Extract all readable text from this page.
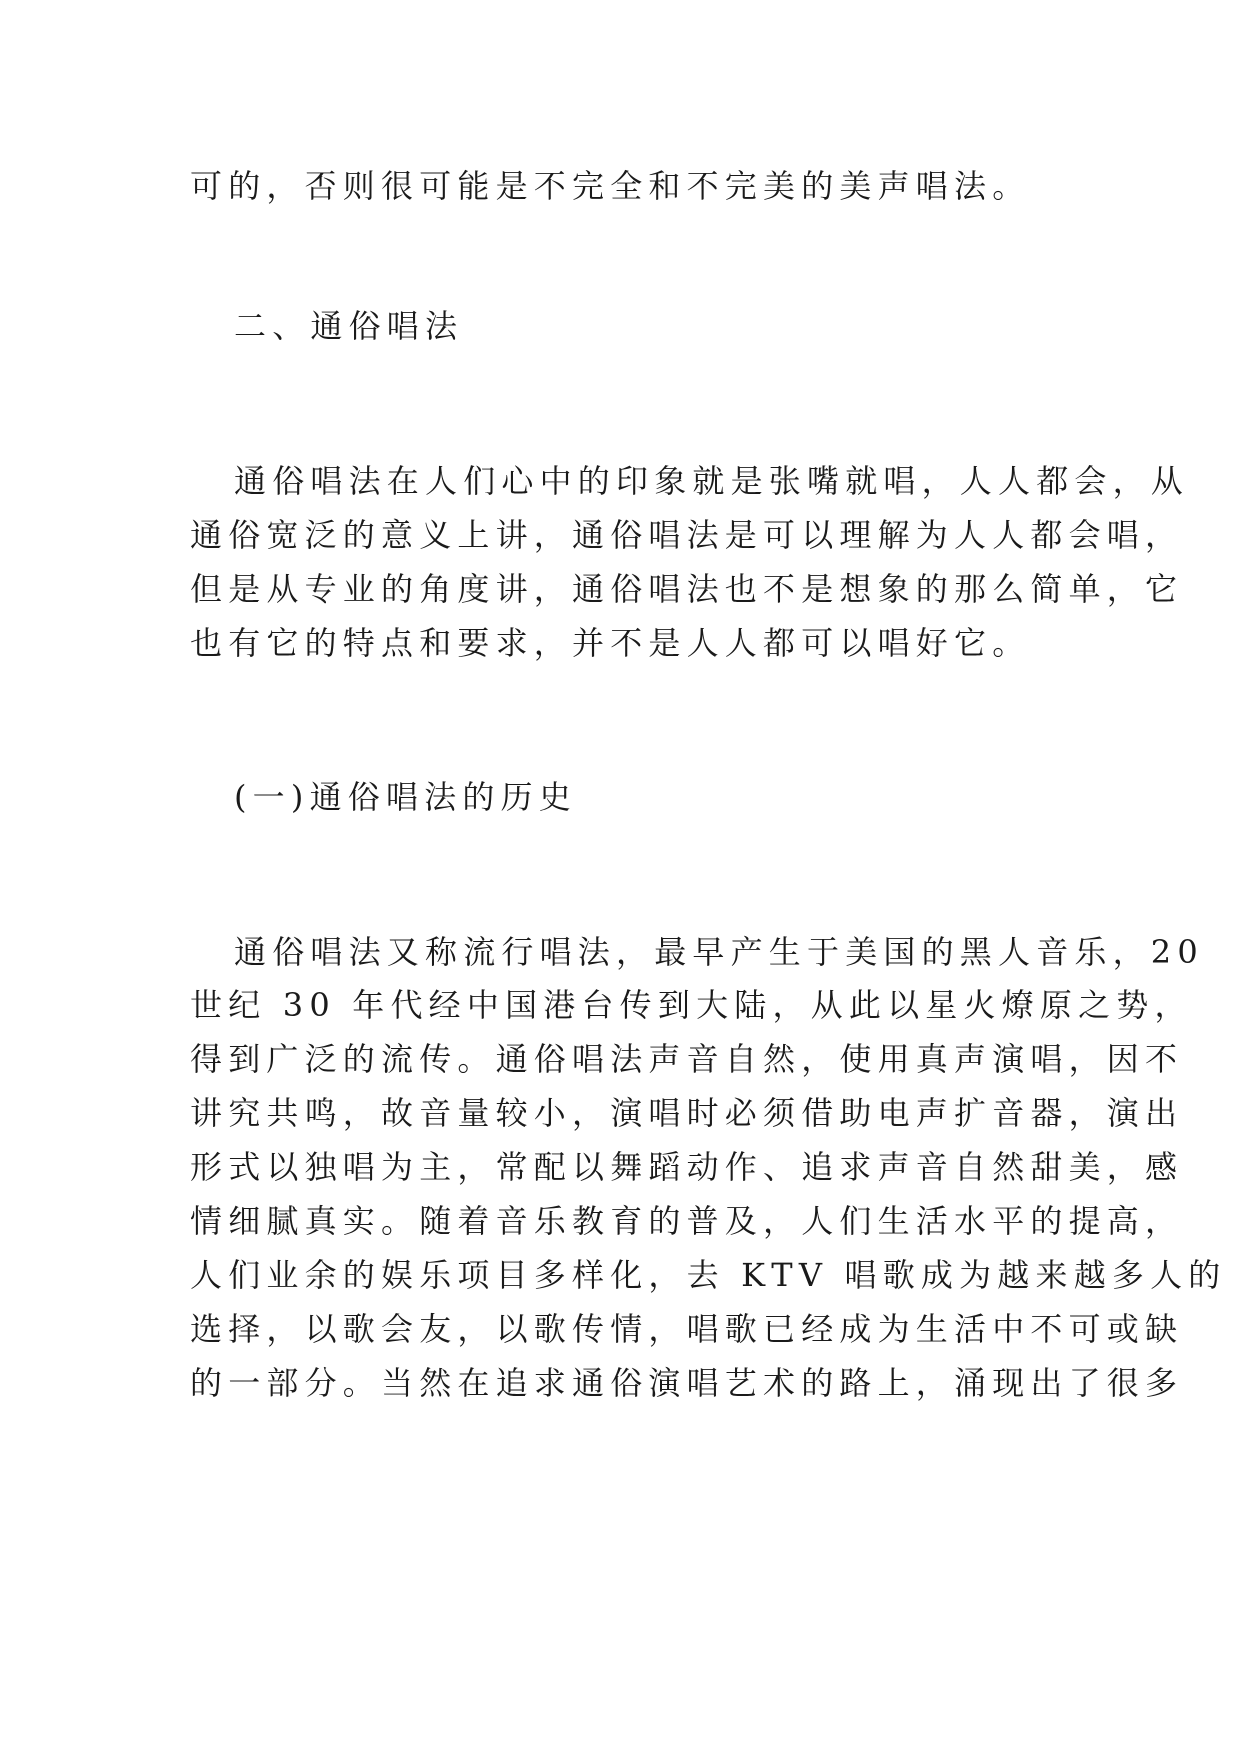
可的，否则很可能是不完全和不完美的美声唱法。

二、通俗唱法

通俗唱法在人们心中的印象就是张嘴就唱，人人都会，从

通俗宽泛的意义上讲，通俗唱法是可以理解为人人都会唱，

但是从专业的角度讲，通俗唱法也不是想象的那么简单，它

也有它的特点和要求，并不是人人都可以唱好它。

(一)通俗唱法的历史

通俗唱法又称流行唱法，最早产生于美国的黑人音乐，20

世纪 30 年代经中国港台传到大陆，从此以星火燎原之势，

得到广泛的流传。通俗唱法声音自然，使用真声演唱，因不

讲究共鸣，故音量较小，演唱时必须借助电声扩音器，演出

形式以独唱为主，常配以舞蹈动作、追求声音自然甜美，感

情细腻真实。随着音乐教育的普及，人们生活水平的提高，

人们业余的娱乐项目多样化，去 KTV 唱歌成为越来越多人的

选择，以歌会友，以歌传情，唱歌已经成为生活中不可或缺

的一部分。当然在追求通俗演唱艺术的路上，涌现出了很多
